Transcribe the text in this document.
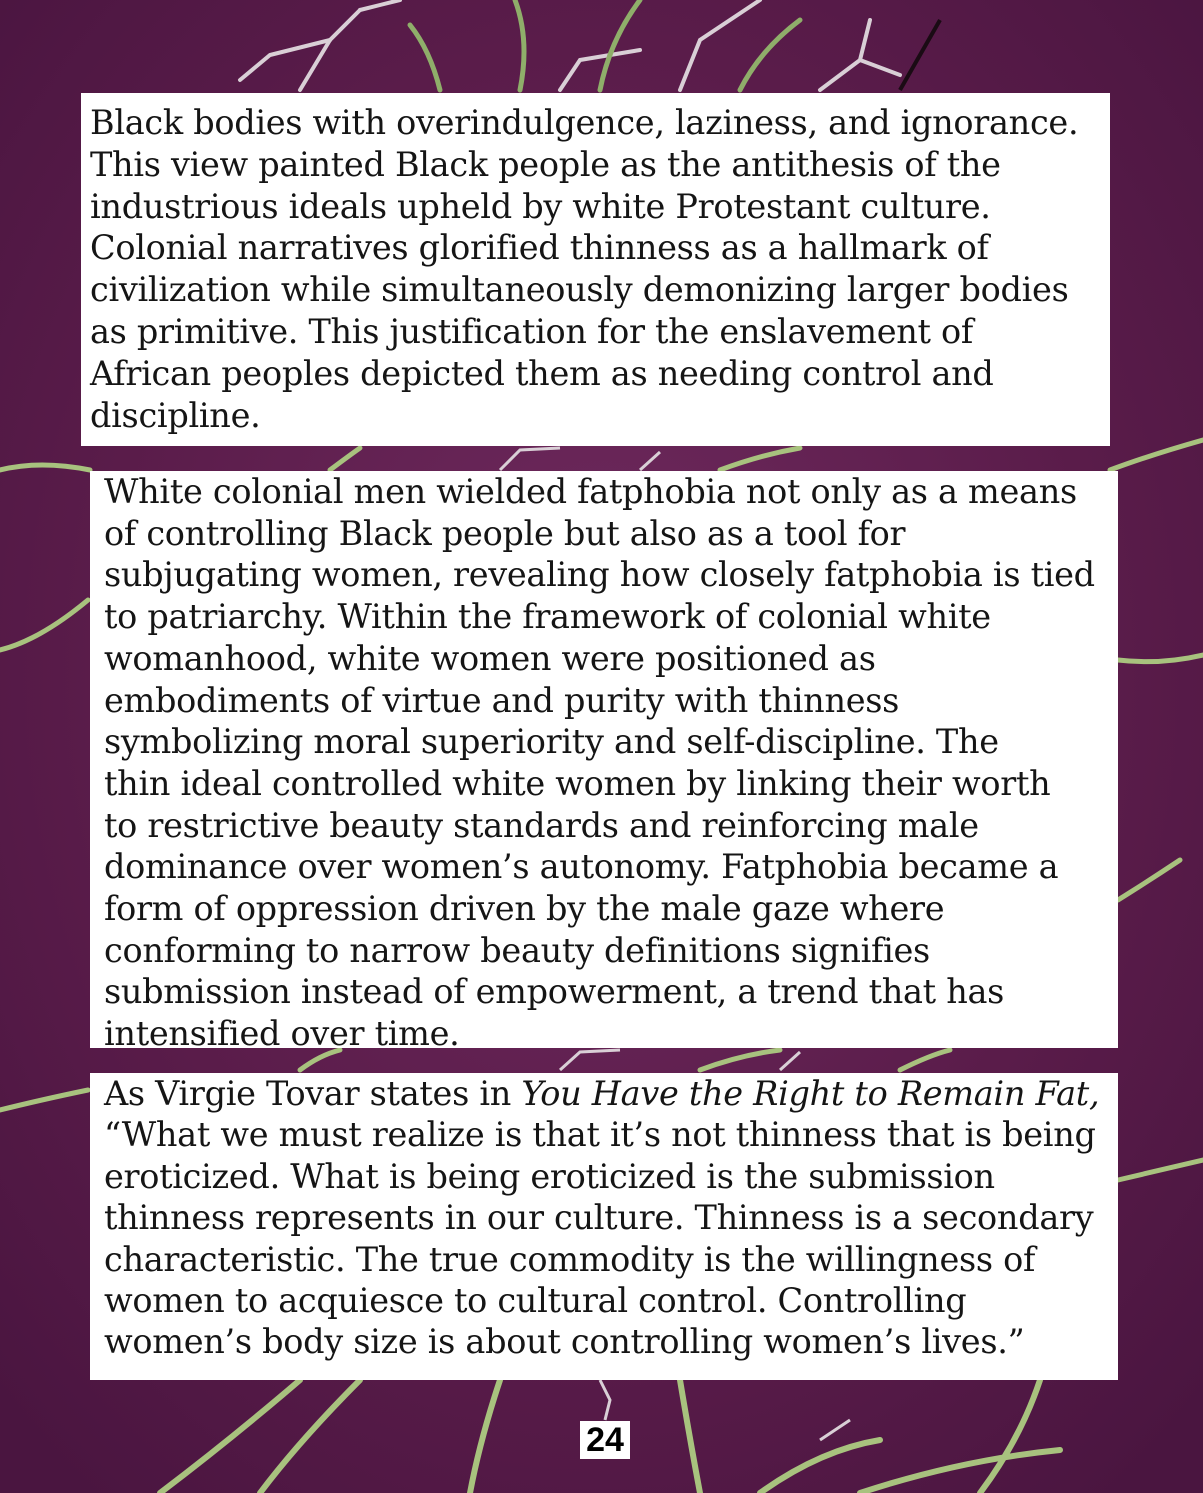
Black bodies with overindulgence, laziness, and ignorance.
This view painted Black people as the antithesis of the
industrious ideals upheld by white Protestant culture.
Colonial narratives glorified thinness as a hallmark of
civilization while simultaneously demonizing larger bodies
as primitive. This justification for the enslavement of
African peoples depicted them as needing control and
discipline.
White colonial men wielded fatphobia not only as a means
of controlling Black people but also as a tool for
subjugating women, revealing how closely fatphobia is tied
to patriarchy. Within the framework of colonial white
womanhood, white women were positioned as
embodiments of virtue and purity with thinness
symbolizing moral superiority and self-discipline. The
thin ideal controlled white women by linking their worth
to restrictive beauty standards and reinforcing male
dominance over women’s autonomy. Fatphobia became a
form of oppression driven by the male gaze where
conforming to narrow beauty definitions signifies
submission instead of empowerment, a trend that has
intensified over time.
As Virgie Tovar states in You Have the Right to Remain Fat,
“What we must realize is that it’s not thinness that is being
eroticized. What is being eroticized is the submission
thinness represents in our culture. Thinness is a secondary
characteristic. The true commodity is the willingness of
women to acquiesce to cultural control. Controlling
women’s body size is about controlling women’s lives.”
24
